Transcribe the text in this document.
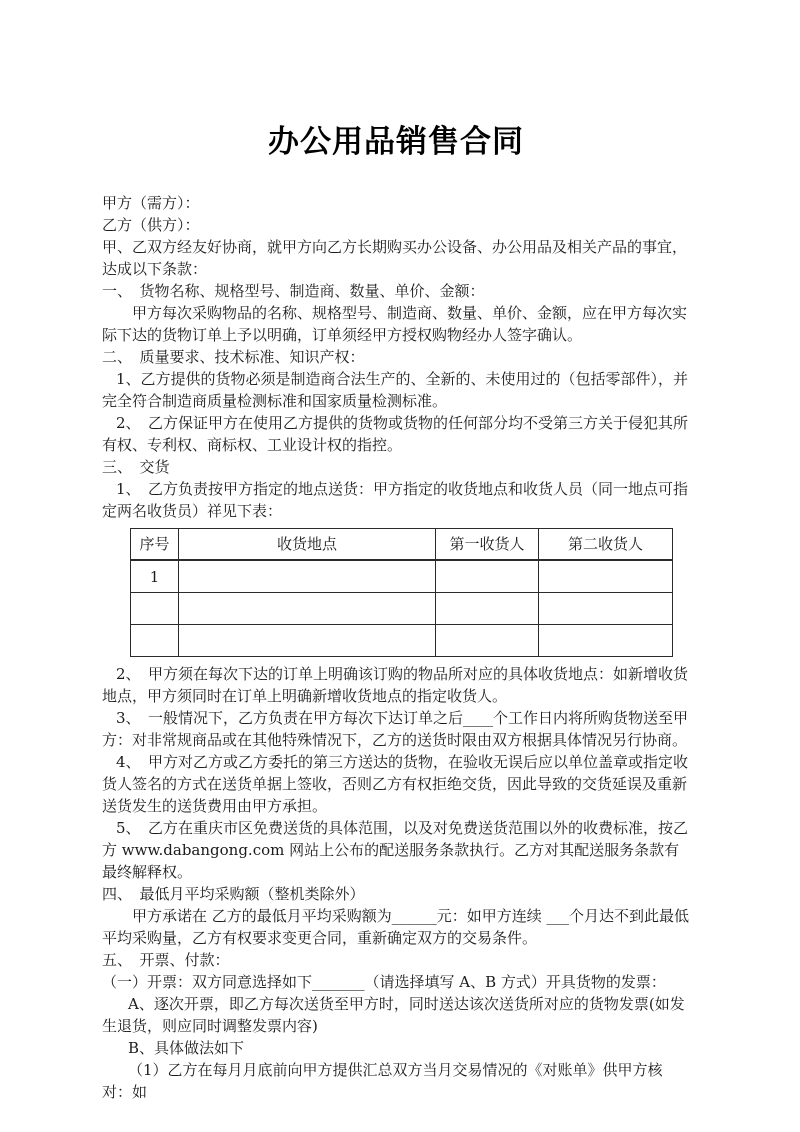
办公用品销售合同

甲方（需方）：

乙方（供方）：

甲、乙双方经友好协商，就甲方向乙方长期购买办公设备、办公用品及相关产品的事宜，达成以下条款：

一、　货物名称、规格型号、制造商、数量、单价、金额：

甲方每次采购物品的名称、规格型号、制造商、数量、单价、金额，应在甲方每次实际下达的货物订单上予以明确，订单须经甲方授权购物经办人签字确认。

二、　质量要求、技术标准、知识产权：

1、乙方提供的货物必须是制造商合法生产的、全新的、未使用过的（包括零部件），并完全符合制造商质量检测标准和国家质量检测标准。

2、　乙方保证甲方在使用乙方提供的货物或货物的任何部分均不受第三方关于侵犯其所有权、专利权、商标权、工业设计权的指控。

三、　交货

1、　乙方负责按甲方指定的地点送货：甲方指定的收货地点和收货人员（同一地点可指定两名收货员）祥见下表：

序号	收货地点	第一收货人	第二收货人
1			

2、　甲方须在每次下达的订单上明确该订购的物品所对应的具体收货地点：如新增收货地点，甲方须同时在订单上明确新增收货地点的指定收货人。

3、　一般情况下，乙方负责在甲方每次下达订单之后____个工作日内将所购货物送至甲方：对非常规商品或在其他特殊情况下，乙方的送货时限由双方根据具体情况另行协商。

4、　甲方对乙方或乙方委托的第三方送达的货物，在验收无误后应以单位盖章或指定收货人签名的方式在送货单据上签收，否则乙方有权拒绝交货，因此导致的交货延误及重新送货发生的送货费用由甲方承担。

5、　乙方在重庆市区免费送货的具体范围，以及对免费送货范围以外的收费标准，按乙方 www.dabangong.com 网站上公布的配送服务条款执行。乙方对其配送服务条款有最终解释权。

四、　最低月平均采购额（整机类除外）

甲方承诺在 乙方的最低月平均采购额为______元：如甲方连续 ___个月达不到此最低平均采购量，乙方有权要求变更合同，重新确定双方的交易条件。

五、　开票、付款：

（一）开票：双方同意选择如下_______（请选择填写 A、B 方式）开具货物的发票：

A、逐次开票，即乙方每次送货至甲方时，同时送达该次送货所对应的货物发票(如发生退货，则应同时调整发票内容)

B、具体做法如下

（1）乙方在每月月底前向甲方提供汇总双方当月交易情况的《对账单》供甲方核对：如
